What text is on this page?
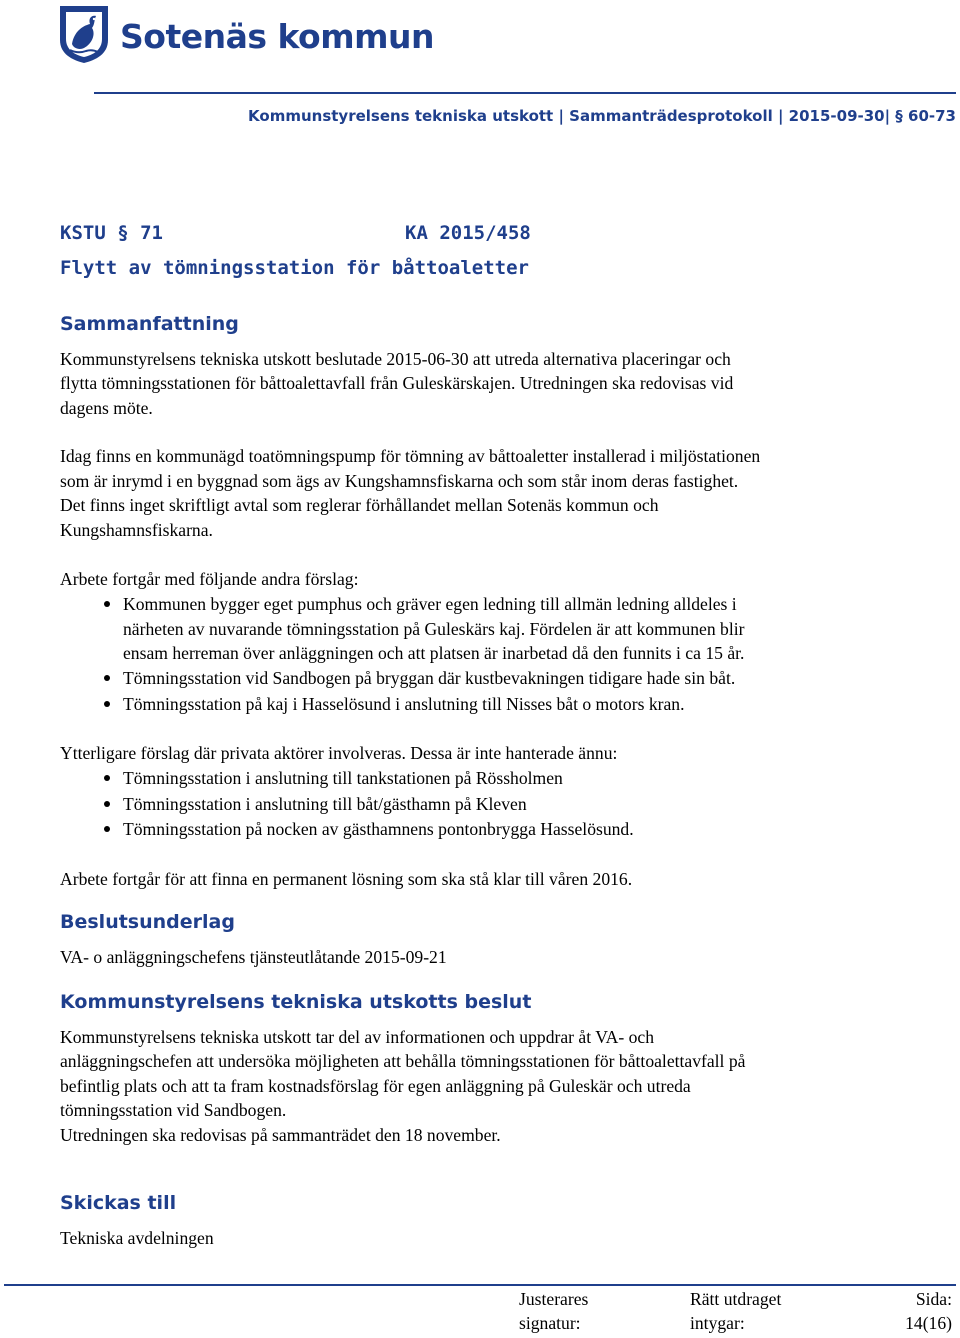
Sotenäs kommun
Kommunstyrelsens tekniska utskott | Sammanträdesprotokoll | 2015-09-30| § 60-73
KSTU § 71	KA 2015/458
Flytt av tömningsstation för båttoaletter
Sammanfattning
Kommunstyrelsens tekniska utskott beslutade 2015-06-30 att utreda alternativa placeringar och
flytta tömningsstationen för båttoalettavfall från Guleskärskajen. Utredningen ska redovisas vid
dagens möte.
Idag finns en kommunägd toatömningspump för tömning av båttoaletter installerad i miljöstationen
som är inrymd i en byggnad som ägs av Kungshamnsfiskarna och som står inom deras fastighet.
Det finns inget skriftligt avtal som reglerar förhållandet mellan Sotenäs kommun och
Kungshamnsfiskarna.
Arbete fortgår med följande andra förslag:
Kommunen bygger eget pumphus och gräver egen ledning till allmän ledning alldeles i
närheten av nuvarande tömningsstation på Guleskärs kaj. Fördelen är att kommunen blir
ensam herreman över anläggningen och att platsen är inarbetad då den funnits i ca 15 år.
Tömningsstation vid Sandbogen på bryggan där kustbevakningen tidigare hade sin båt.
Tömningsstation på kaj i Hasselösund i anslutning till Nisses båt o motors kran.
Ytterligare förslag där privata aktörer involveras. Dessa är inte hanterade ännu:
Tömningsstation i anslutning till tankstationen på Rössholmen
Tömningsstation i anslutning till båt/gästhamn på Kleven
Tömningsstation på nocken av gästhamnens pontonbrygga Hasselösund.
Arbete fortgår för att finna en permanent lösning som ska stå klar till våren 2016.
Beslutsunderlag
VA- o anläggningschefens tjänsteutlåtande 2015-09-21
Kommunstyrelsens tekniska utskotts beslut
Kommunstyrelsens tekniska utskott tar del av informationen och uppdrar åt VA- och
anläggningschefen att undersöka möjligheten att behålla tömningsstationen för båttoalettavfall på
befintlig plats och att ta fram kostnadsförslag för egen anläggning på Guleskär och utreda
tömningsstation vid Sandbogen.
Utredningen ska redovisas på sammanträdet den 18 november.
Skickas till
Tekniska avdelningen
Justerares
signatur:
Rätt utdraget
intygar:
Sida:
14(16)
